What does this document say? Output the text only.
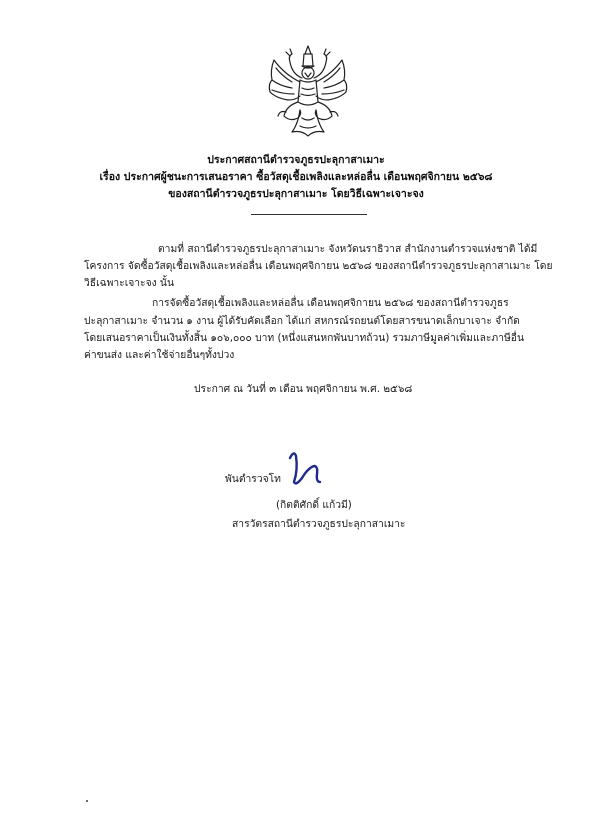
ประกาศสถานีตำรวจภูธรปะลุกาสาเมาะ
เรื่อง ประกาศผู้ชนะการเสนอราคา ซื้อวัสดุเชื้อเพลิงและหล่อลื่น เดือนพฤศจิกายน ๒๕๖๘
ของสถานีตำรวจภูธรปะลุกาสาเมาะ โดยวิธีเฉพาะเจาะจง
ตามที่ สถานีตำรวจภูธรปะลุกาสาเมาะ จังหวัดนราธิวาส สำนักงานตำรวจแห่งชาติ ได้มี
โครงการ จัดซื้อวัสดุเชื้อเพลิงและหล่อลื่น เดือนพฤศจิกายน ๒๕๖๘ ของสถานีตำรวจภูธรปะลุกาสาเมาะ โดย
วิธีเฉพาะเจาะจง นั้น
การจัดซื้อวัสดุเชื้อเพลิงและหล่อลื่น เดือนพฤศจิกายน ๒๕๖๘ ของสถานีตำรวจภูธร
ปะลุกาสาเมาะ จำนวน ๑ งาน ผู้ได้รับคัดเลือก ได้แก่ สหกรณ์รถยนต์โดยสารขนาดเล็กบาเจาะ จำกัด
โดยเสนอราคาเป็นเงินทั้งสิ้น ๑๐๖,๐๐๐ บาท (หนึ่งแสนหกพันบาทถ้วน) รวมภาษีมูลค่าเพิ่มและภาษีอื่น
ค่าขนส่ง และค่าใช้จ่ายอื่นๆทั้งปวง
ประกาศ ณ วันที่ ๓ เดือน พฤศจิกายน พ.ศ. ๒๕๖๘
พันตำรวจโท
(กิตติศักดิ์ แก้วมี)
สารวัตรสถานีตำรวจภูธรปะลุกาสาเมาะ
